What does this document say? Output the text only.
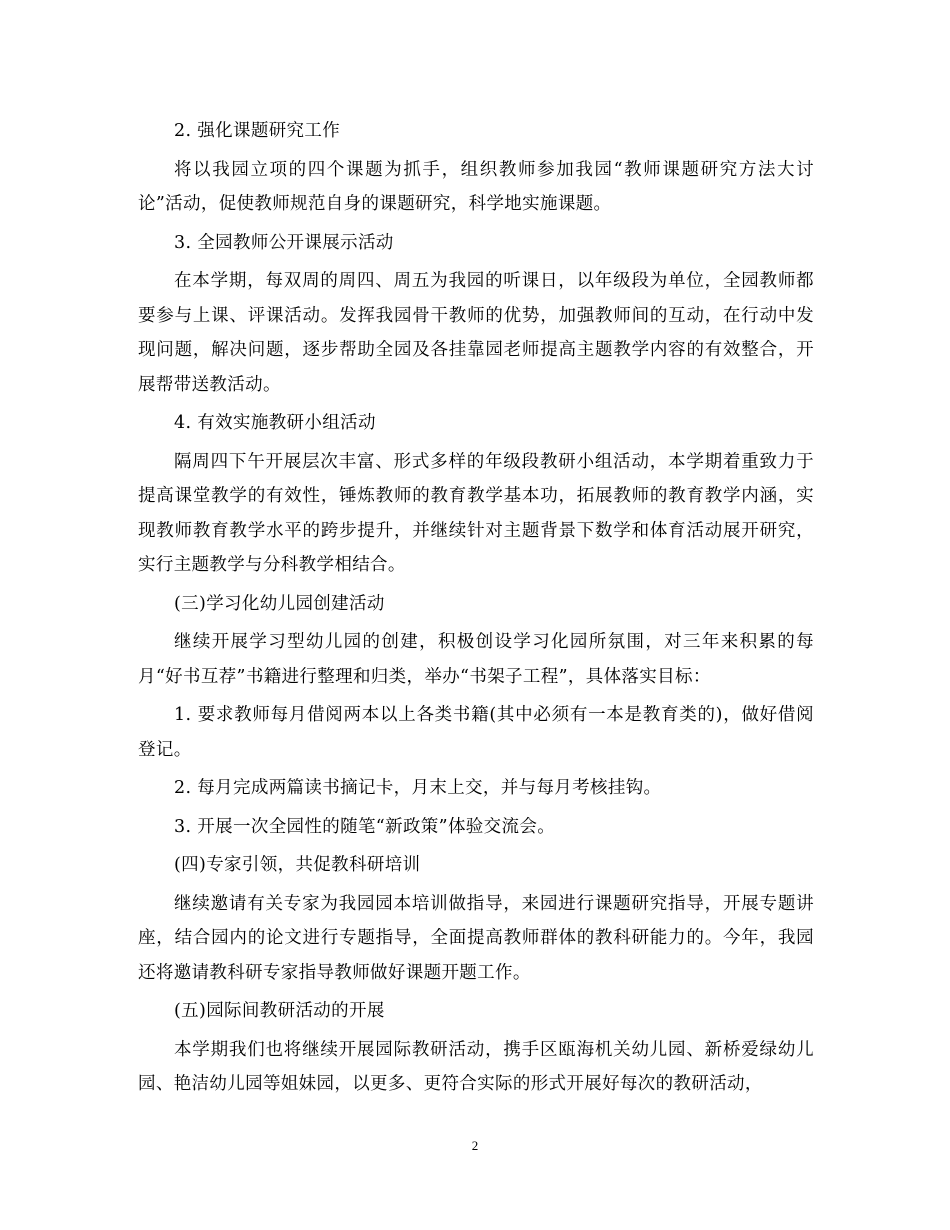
2. 强化课题研究工作

将以我园立项的四个课题为抓手，组织教师参加我园“教师课题研究方法大讨论”活动，促使教师规范自身的课题研究，科学地实施课题。

3. 全园教师公开课展示活动

在本学期，每双周的周四、周五为我园的听课日，以年级段为单位，全园教师都要参与上课、评课活动。发挥我园骨干教师的优势，加强教师间的互动，在行动中发现问题，解决问题，逐步帮助全园及各挂靠园老师提高主题教学内容的有效整合，开展帮带送教活动。

4. 有效实施教研小组活动

隔周四下午开展层次丰富、形式多样的年级段教研小组活动，本学期着重致力于提高课堂教学的有效性，锤炼教师的教育教学基本功，拓展教师的教育教学内涵，实现教师教育教学水平的跨步提升，并继续针对主题背景下数学和体育活动展开研究，实行主题教学与分科教学相结合。

(三)学习化幼儿园创建活动

继续开展学习型幼儿园的创建，积极创设学习化园所氛围，对三年来积累的每月“好书互荐”书籍进行整理和归类，举办“书架子工程”，具体落实目标：

1. 要求教师每月借阅两本以上各类书籍(其中必须有一本是教育类的)，做好借阅登记。

2. 每月完成两篇读书摘记卡，月末上交，并与每月考核挂钩。

3. 开展一次全园性的随笔“新政策”体验交流会。

(四)专家引领，共促教科研培训

继续邀请有关专家为我园园本培训做指导，来园进行课题研究指导，开展专题讲座，结合园内的论文进行专题指导，全面提高教师群体的教科研能力的。今年，我园还将邀请教科研专家指导教师做好课题开题工作。

(五)园际间教研活动的开展

本学期我们也将继续开展园际教研活动，携手区瓯海机关幼儿园、新桥爱绿幼儿园、艳洁幼儿园等姐妹园，以更多、更符合实际的形式开展好每次的教研活动，

2
